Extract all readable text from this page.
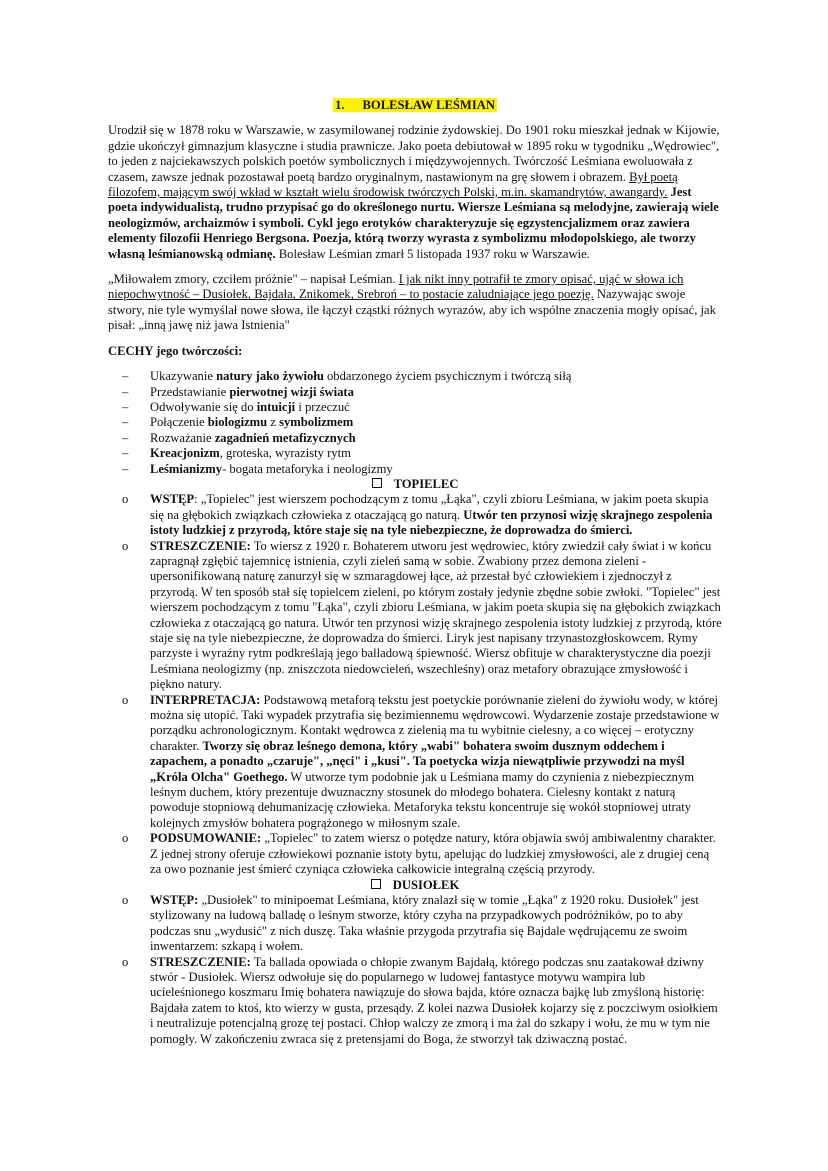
1. BOLESŁAW LEŚMIAN

Urodził się w 1878 roku w Warszawie, w zasymilowanej rodzinie żydowskiej. Do 1901 roku mieszkał jednak w Kijowie, gdzie ukończył gimnazjum klasyczne i studia prawnicze. Jako poeta debiutował w 1895 roku w tygodniku „Wędrowiec", to jeden z najciekawszych polskich poetów symbolicznych i międzywojennych. Twórczość Leśmiana ewoluowała z czasem, zawsze jednak pozostawał poetą bardzo oryginalnym, nastawionym na grę słowem i obrazem. Był poetą filozofem, mającym swój wkład w kształt wielu środowisk twórczych Polski, m.in. skamandrytów, awangardy. Jest poeta indywidualistą, trudno przypisać go do określonego nurtu. Wiersze Leśmiana są melodyjne, zawierają wiele neologizmów, archaizmów i symboli. Cykl jego erotyków charakteryzuje się egzystencjalizmem oraz zawiera elementy filozofii Henriego Bergsona. Poezja, którą tworzy wyrasta z symbolizmu młodopolskiego, ale tworzy własną leśmianowską odmianę. Bolesław Leśmian zmarł 5 listopada 1937 roku w Warszawie.

„Miłowałem zmory, czciłem próżnie" – napisał Leśmian. I jak nikt inny potrafił te zmory opisać, ująć w słowa ich niepochwytność – Dusiołek, Bajdała, Znikomek, Srebroń – to postacie zaludniające jego poezję. Nazywając swoje stwory, nie tyle wymyślał nowe słowa, ile łączył cząstki różnych wyrazów, aby ich wspólne znaczenia mogły opisać, jak pisał: „inną jawę niż jawa Istnienia"

CECHY jego twórczości:
– Ukazywanie natury jako żywiołu obdarzonego życiem psychicznym i twórczą siłą
– Przedstawianie pierwotnej wizji świata
– Odwoływanie się do intuicji i przeczuć
– Połączenie biologizmu z symbolizmem
– Rozważanie zagadnień metafizycznych
– Kreacjonizm, groteska, wyrazisty rytm
– Leśmianizmy- bogata metaforyka i neologizmy
TOPIELEC
o WSTĘP: „Topielec" jest wierszem pochodzącym z tomu „Łąka", czyli zbioru Leśmiana, w jakim poeta skupia się na głębokich związkach człowieka z otaczającą go naturą. Utwór ten przynosi wizję skrajnego zespolenia istoty ludzkiej z przyrodą, które staje się na tyle niebezpieczne, że doprowadza do śmierci.
o STRESZCZENIE: To wiersz z 1920 r. Bohaterem utworu jest wędrowiec, który zwiedził cały świat i w końcu zapragnął zgłębić tajemnicę istnienia, czyli zieleń samą w sobie. Zwabiony przez demona zieleni - upersonifikowaną naturę zanurzył się w szmaragdowej łące, aż przestał być człowiekiem i zjednoczył z przyrodą. W ten sposób stał się topielcem zieleni, po którym zostały jedynie zbędne sobie zwłoki. "Topielec" jest wierszem pochodzącym z tomu "Łąka", czyli zbioru Leśmiana, w jakim poeta skupia się na głębokich związkach człowieka z otaczającą go natura. Utwór ten przynosi wizję skrajnego zespolenia istoty ludzkiej z przyrodą, które staje się na tyle niebezpieczne, że doprowadza do śmierci. Liryk jest napisany trzynastozgłoskowcem. Rymy parzyste i wyraźny rytm podkreślają jego balladową śpiewność. Wiersz obfituje w charakterystyczne dia poezji Leśmiana neologizmy (np. zniszczota niedowcieleń, wszechleśny) oraz metafory obrazujące zmysłowość i piękno natury.
o INTERPRETACJA: Podstawową metaforą tekstu jest poetyckie porównanie zieleni do żywiołu wody, w której można się utopić. Taki wypadek przytrafia się bezimiennemu wędrowcowi. Wydarzenie zostaje przedstawione w porządku achronologicznym. Kontakt wędrowca z zielenią ma tu wybitnie cielesny, a co więcej – erotyczny charakter. Tworzy się obraz leśnego demona, który „wabi" bohatera swoim dusznym oddechem i zapachem, a ponadto „czaruje", „nęci" i „kusi". Ta poetycka wizja niewątpliwie przywodzi na myśl „Króla Olcha" Goethego. W utworze tym podobnie jak u Leśmiana mamy do czynienia z niebezpiecznym leśnym duchem, który prezentuje dwuznaczny stosunek do młodego bohatera. Cielesny kontakt z naturą powoduje stopniową dehumanizację człowieka. Metaforyka tekstu koncentruje się wokół stopniowej utraty kolejnych zmysłów bohatera pogrążonego w miłosnym szale.
o PODSUMOWANIE: „Topielec" to zatem wiersz o potędze natury, która objawia swój ambiwalentny charakter. Z jednej strony oferuje człowiekowi poznanie istoty bytu, apelując do ludzkiej zmysłowości, ale z drugiej ceną za owo poznanie jest śmierć czyniąca człowieka całkowicie integralną częścią przyrody.
DUSIOŁEK
o WSTĘP: „Dusiołek" to minipoemat Leśmiana, który znalazł się w tomie „Łąka" z 1920 roku. Dusiołek" jest stylizowany na ludową balladę o leśnym stworze, który czyha na przypadkowych podróżników, po to aby podczas snu „wydusić" z nich duszę. Taka właśnie przygoda przytrafia się Bajdale wędrującemu ze swoim inwentarzem: szkapą i wołem.
o STRESZCZENIE: Ta ballada opowiada o chłopie zwanym Bajdałą, którego podczas snu zaatakował dziwny stwór - Dusiołek. Wiersz odwołuje się do popularnego w ludowej fantastyce motywu wampira lub ucieleśnionego koszmaru Imię bohatera nawiązuje do słowa bajda, które oznacza bajkę lub zmyśloną historię: Bajdała zatem to ktoś, kto wierzy w gusta, przesądy. Z kolei nazwa Dusiołek kojarzy się z poczciwym osiołkiem i neutralizuje potencjalną grozę tej postaci. Chłop walczy ze zmorą i ma żal do szkapy i wołu, że mu w tym nie pomogły. W zakończeniu zwraca się z pretensjami do Boga, że stworzył tak dziwaczną postać.
